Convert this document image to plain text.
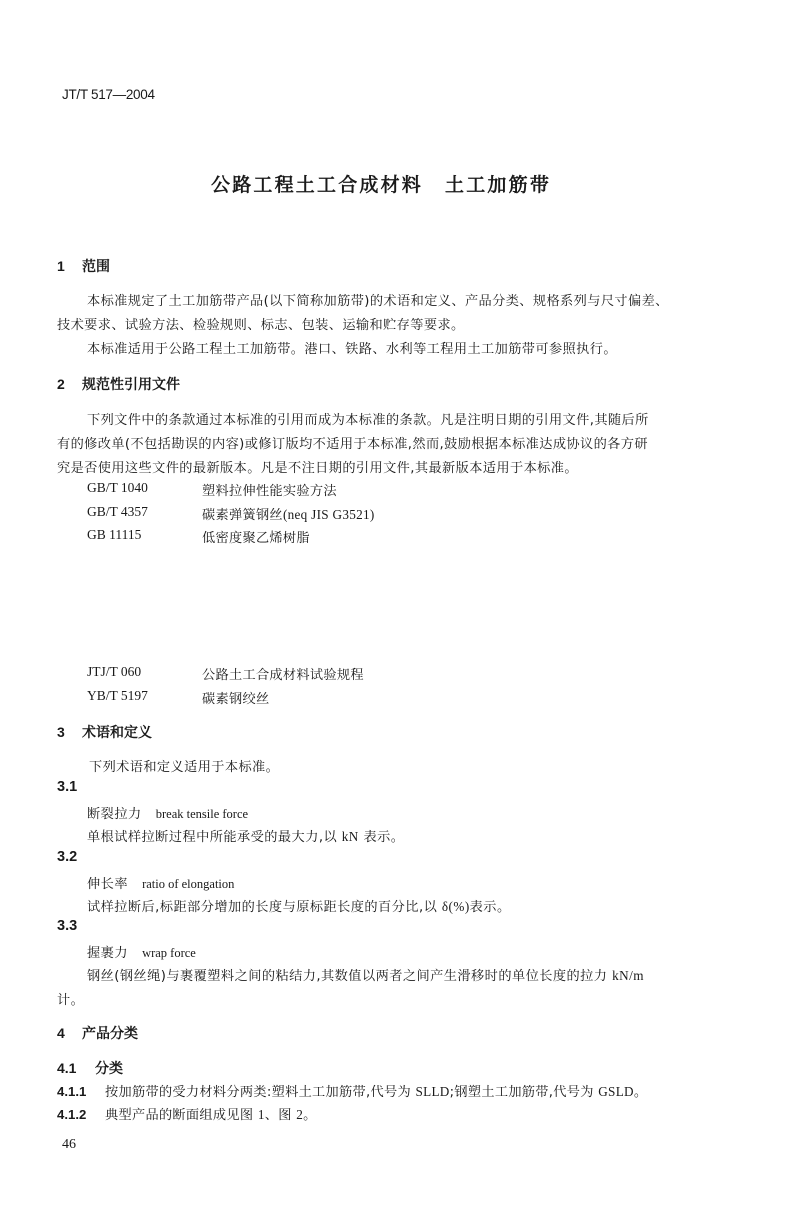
JT/T 517—2004
公路工程土工合成材料 土工加筋带
1 范围
本标准规定了土工加筋带产品(以下简称加筋带)的术语和定义、产品分类、规格系列与尺寸偏差、
技术要求、试验方法、检验规则、标志、包装、运输和贮存等要求。
本标准适用于公路工程土工加筋带。港口、铁路、水利等工程用土工加筋带可参照执行。
2 规范性引用文件
下列文件中的条款通过本标准的引用而成为本标准的条款。凡是注明日期的引用文件,其随后所
有的修改单(不包括勘误的内容)或修订版均不适用于本标准,然而,鼓励根据本标准达成协议的各方研
究是否使用这些文件的最新版本。凡是不注日期的引用文件,其最新版本适用于本标准。
GB/T 1040	塑料拉伸性能实验方法
GB/T 4357	碳素弹簧钢丝(neq JIS G3521)
GB 11115	低密度聚乙烯树脂
JTJ/T 060	公路土工合成材料试验规程
YB/T 5197	碳素钢绞丝
3 术语和定义
下列术语和定义适用于本标准。
3.1
断裂拉力 break tensile force
单根试样拉断过程中所能承受的最大力,以 kN 表示。
3.2
伸长率 ratio of elongation
试样拉断后,标距部分增加的长度与原标距长度的百分比,以 δ(%)表示。
3.3
握裹力 wrap force
钢丝(钢丝绳)与裹覆塑料之间的粘结力,其数值以两者之间产生滑移时的单位长度的拉力 kN/m
计。
4 产品分类
4.1 分类
4.1.1 按加筋带的受力材料分两类:塑料土工加筋带,代号为 SLLD;钢塑土工加筋带,代号为 GSLD。
4.1.2 典型产品的断面组成见图 1、图 2。
46
